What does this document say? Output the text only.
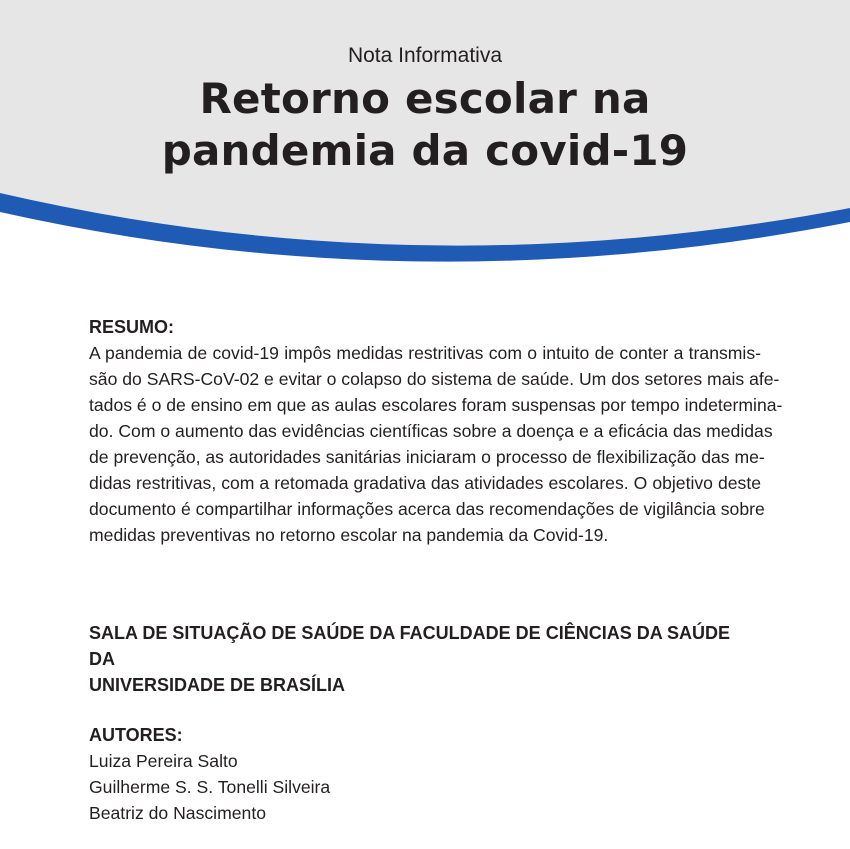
Nota Informativa

Retorno escolar na
pandemia da covid-19

RESUMO:

A pandemia de covid-19 impôs medidas restritivas com o intuito de conter a transmis-
são do SARS-CoV-02 e evitar o colapso do sistema de saúde. Um dos setores mais afe-
tados é o de ensino em que as aulas escolares foram suspensas por tempo indetermina-
do. Com o aumento das evidências científicas sobre a doença e a eficácia das medidas
de prevenção, as autoridades sanitárias iniciaram o processo de flexibilização das me-
didas restritivas, com a retomada gradativa das atividades escolares. O objetivo deste
documento é compartilhar informações acerca das recomendações de vigilância sobre
medidas preventivas no retorno escolar na pandemia da Covid-19.

SALA DE SITUAÇÃO DE SAÚDE DA FACULDADE DE CIÊNCIAS DA SAÚDE DA
UNIVERSIDADE DE BRASÍLIA

AUTORES:

Luiza Pereira Salto
Guilherme S. S. Tonelli Silveira
Beatriz do Nascimento
